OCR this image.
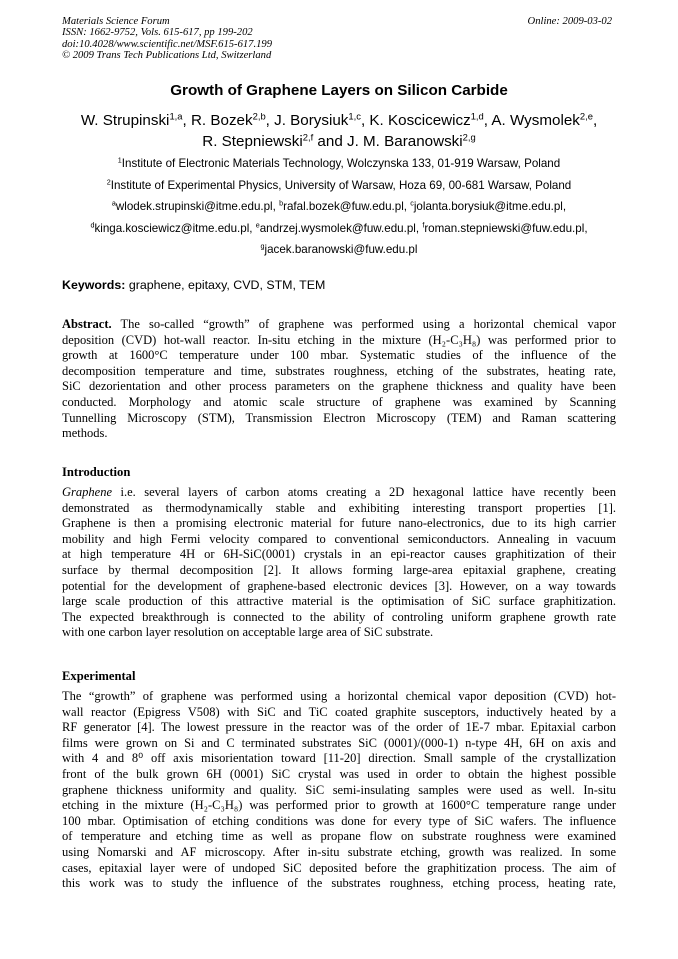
Materials Science Forum
ISSN: 1662-9752, Vols. 615-617, pp 199-202
doi:10.4028/www.scientific.net/MSF.615-617.199
© 2009 Trans Tech Publications Ltd, Switzerland
Online: 2009-03-02
Growth of Graphene Layers on Silicon Carbide
W. Strupinski$^{1,a}$, R. Bozek$^{2,b}$, J. Borysiuk$^{1,c}$, K. Koscicewicz$^{1,d}$, A. Wysmolek$^{2,e}$,
R. Stepniewski$^{2,f}$ and J. M. Baranowski$^{2,g}$
$^1$Institute of Electronic Materials Technology, Wolczynska 133, 01-919 Warsaw, Poland
$^2$Institute of Experimental Physics, University of Warsaw, Hoza 69, 00-681 Warsaw, Poland
$^a$wlodek.strupinski@itme.edu.pl, $^b$rafal.bozek@fuw.edu.pl, $^c$jolanta.borysiuk@itme.edu.pl,
$^d$kinga.kosciewicz@itme.edu.pl, $^e$andrzej.wysmolek@fuw.edu.pl, $^f$roman.stepniewski@fuw.edu.pl,
$^g$jacek.baranowski@fuw.edu.pl
Keywords: graphene, epitaxy, CVD, STM, TEM
Abstract. The so-called “growth” of graphene was performed using a horizontal chemical vapor
deposition (CVD) hot-wall reactor. In-situ etching in the mixture (H₂-C₃H₈) was performed prior to
growth at 1600°C temperature under 100 mbar. Systematic studies of the influence of the
decomposition temperature and time, substrates roughness, etching of the substrates, heating rate,
SiC dezorientation and other process parameters on the graphene thickness and quality have been
conducted. Morphology and atomic scale structure of graphene was examined by Scanning
Tunnelling Microscopy (STM), Transmission Electron Microscopy (TEM) and Raman scattering
methods.
Introduction
Graphene i.e. several layers of carbon atoms creating a 2D hexagonal lattice have recently been
demonstrated as thermodynamically stable and exhibiting interesting transport properties [1].
Graphene is then a promising electronic material for future nano-electronics, due to its high carrier
mobility and high Fermi velocity compared to conventional semiconductors. Annealing in vacuum
at high temperature 4H or 6H-SiC(0001) crystals in an epi-reactor causes graphitization of their
surface by thermal decomposition [2]. It allows forming large-area epitaxial graphene, creating
potential for the development of graphene-based electronic devices [3]. However, on a way towards
large scale production of this attractive material is the optimisation of SiC surface graphitization.
The expected breakthrough is connected to the ability of controling uniform graphene growth rate
with one carbon layer resolution on acceptable large area of SiC substrate.
Experimental
The “growth” of graphene was performed using a horizontal chemical vapor deposition (CVD) hot-
wall reactor (Epigress V508) with SiC and TiC coated graphite susceptors, inductively heated by a
RF generator [4]. The lowest pressure in the reactor was of the order of 1E-7 mbar. Epitaxial carbon
films were grown on Si and C terminated substrates SiC (0001)/(000-1) n-type 4H, 6H on axis and
with 4 and 8⁰ off axis misorientation toward [11-20] direction. Small sample of the crystallization
front of the bulk grown 6H (0001) SiC crystal was used in order to obtain the highest possible
graphene thickness uniformity and quality. SiC semi-insulating samples were used as well. In-situ
etching in the mixture (H₂-C₃H₈) was performed prior to growth at 1600°C temperature range under
100 mbar. Optimisation of etching conditions was done for every type of SiC wafers. The influence
of temperature and etching time as well as propane flow on substrate roughness were examined
using Nomarski and AF microscopy. After in-situ substrate etching, growth was realized. In some
cases, epitaxial layer were of undoped SiC deposited before the graphitization process. The aim of
this work was to study the influence of the substrates roughness, etching process, heating rate,
